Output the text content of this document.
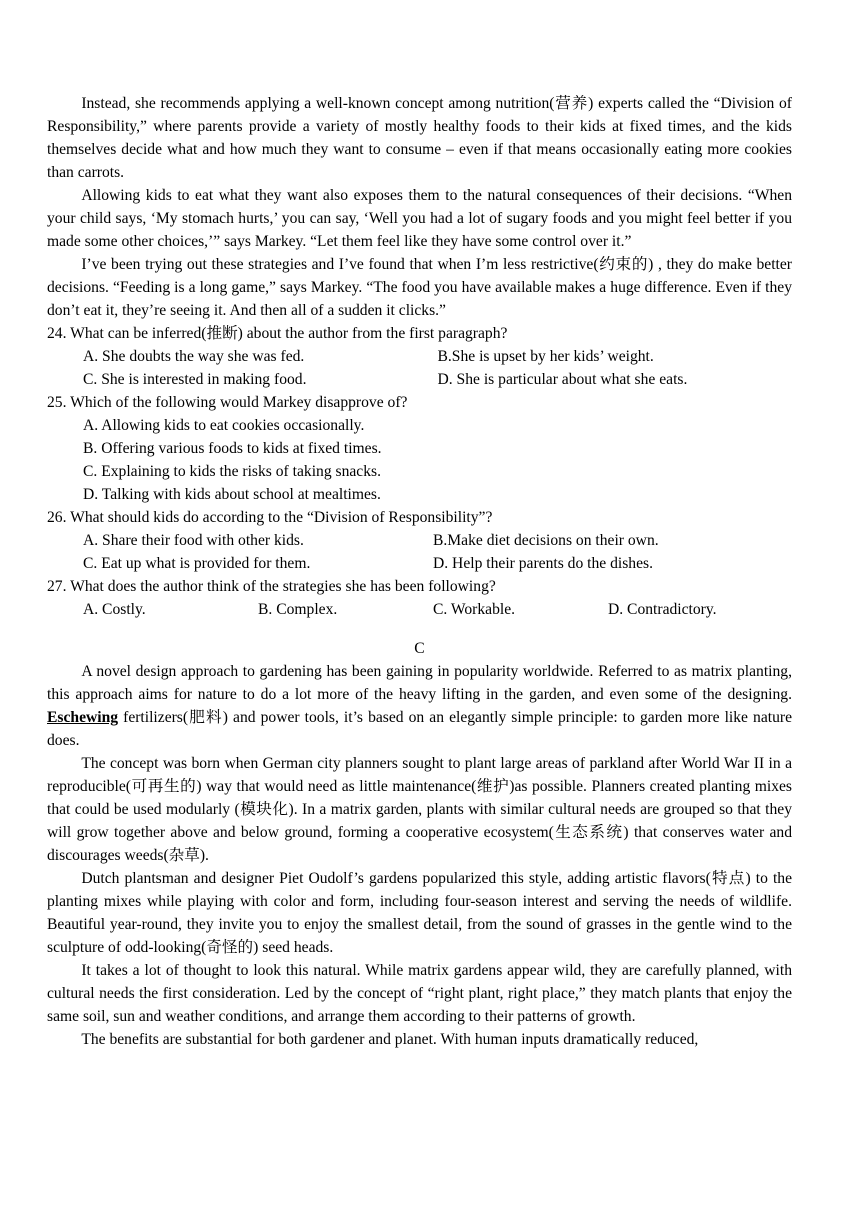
Instead, she recommends applying a well-known concept among nutrition(营养) experts called the “Division of Responsibility,” where parents provide a variety of mostly healthy foods to their kids at fixed times, and the kids themselves decide what and how much they want to consume – even if that means occasionally eating more cookies than carrots.

Allowing kids to eat what they want also exposes them to the natural consequences of their decisions. “When your child says, ‘My stomach hurts,’ you can say, ‘Well you had a lot of sugary foods and you might feel better if you made some other choices,’” says Markey. “Let them feel like they have some control over it.”

I’ve been trying out these strategies and I’ve found that when I’m less restrictive(约束的) , they do make better decisions. “Feeding is a long game,” says Markey. “The food you have available makes a huge difference. Even if they don’t eat it, they’re seeing it. And then all of a sudden it clicks.”

24. What can be inferred(推断) about the author from the first paragraph?

A. She doubts the way she was fed.	B.She is upset by her kids’ weight.
C. She is interested in making food.	D. She is particular about what she eats.

25. Which of the following would Markey disapprove of?

A. Allowing kids to eat cookies occasionally.

B. Offering various foods to kids at fixed times.

C. Explaining to kids the risks of taking snacks.

D. Talking with kids about school at mealtimes.

26. What should kids do according to the “Division of Responsibility”?

A. Share their food with other kids.	B.Make diet decisions on their own.
C. Eat up what is provided for them.	D. Help their parents do the dishes.

27. What does the author think of the strategies she has been following?

A. Costly.	B. Complex.	C. Workable.	D. Contradictory.

C

A novel design approach to gardening has been gaining in popularity worldwide. Referred to as matrix planting, this approach aims for nature to do a lot more of the heavy lifting in the garden, and even some of the designing. Eschewing fertilizers(肥料) and power tools, it’s based on an elegantly simple principle: to garden more like nature does.

The concept was born when German city planners sought to plant large areas of parkland after World War II in a reproducible(可再生的) way that would need as little maintenance(维护)as possible. Planners created planting mixes that could be used modularly (模块化). In a matrix garden, plants with similar cultural needs are grouped so that they will grow together above and below ground, forming a cooperative ecosystem(生态系统) that conserves water and discourages weeds(杂草).

Dutch plantsman and designer Piet Oudolf’s gardens popularized this style, adding artistic flavors(特点) to the planting mixes while playing with color and form, including four-season interest and serving the needs of wildlife. Beautiful year-round, they invite you to enjoy the smallest detail, from the sound of grasses in the gentle wind to the sculpture of odd-looking(奇怪的) seed heads.

It takes a lot of thought to look this natural. While matrix gardens appear wild, they are carefully planned, with cultural needs the first consideration. Led by the concept of “right plant, right place,” they match plants that enjoy the same soil, sun and weather conditions, and arrange them according to their patterns of growth.

The benefits are substantial for both gardener and planet. With human inputs dramatically reduced,
